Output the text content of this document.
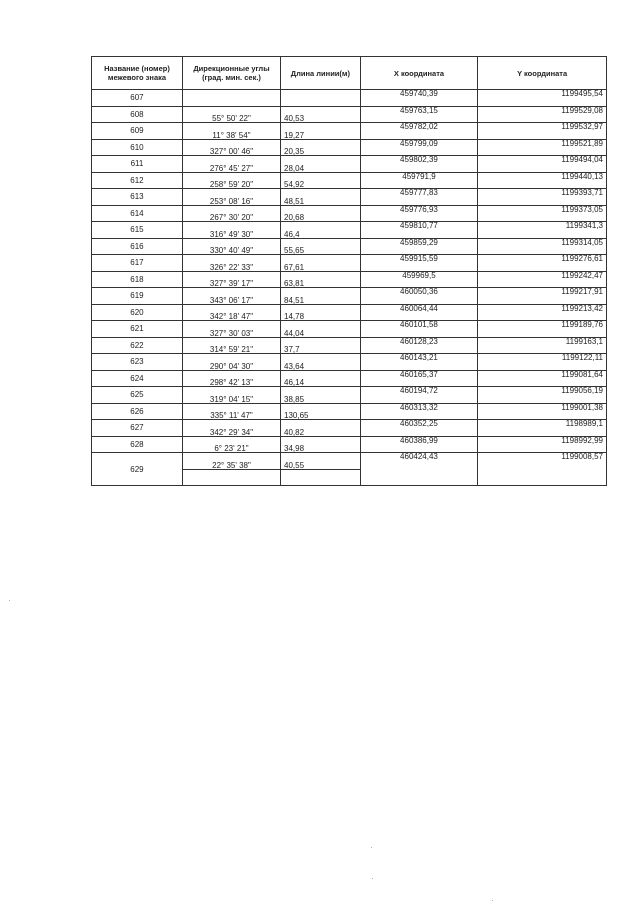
Название (номер) межевого знака	Дирекционные углы (град. мин. сек.)	Длина линии(м)	X координата	Y координата
607			459740,39	1199495,54
	55° 50' 22"	40,53		
608			459763,15	1199529,08
	11° 38' 54"	19,27		
609			459782,02	1199532,97
	327° 00' 46"	20,35		
610			459799,09	1199521,89
	276° 45' 27"	28,04		
611			459802,39	1199494,04
	258° 59' 20"	54,92		
612			459791,9	1199440,13
	253° 08' 16"	48,51		
613			459777,83	1199393,71
	267° 30' 20"	20,68		
614			459776,93	1199373,05
	316° 49' 30"	46,4		
615			459810,77	1199341,3
	330° 40' 49"	55,65		
616			459859,29	1199314,05
	326° 22' 33"	67,61		
617			459915,59	1199276,61
	327° 39' 17"	63,81		
618			459969,5	1199242,47
	343° 06' 17"	84,51		
619			460050,36	1199217,91
	342° 18' 47"	14,78		
620			460064,44	1199213,42
	327° 30' 03"	44,04		
621			460101,58	1199189,76
	314° 59' 21"	37,7		
622			460128,23	1199163,1
	290° 04' 30"	43,64		
623			460143,21	1199122,11
	298° 42' 13"	46,14		
624			460165,37	1199081,64
	319° 04' 15"	38,85		
625			460194,72	1199056,19
	335° 11' 47"	130,65		
626			460313,32	1199001,38
	342° 29' 34"	40,82		
627			460352,25	1198989,1
	6° 23' 21"	34,98		
628			460386,99	1198992,99
	22° 35' 38"	40,55		
629			460424,43	1199008,57
